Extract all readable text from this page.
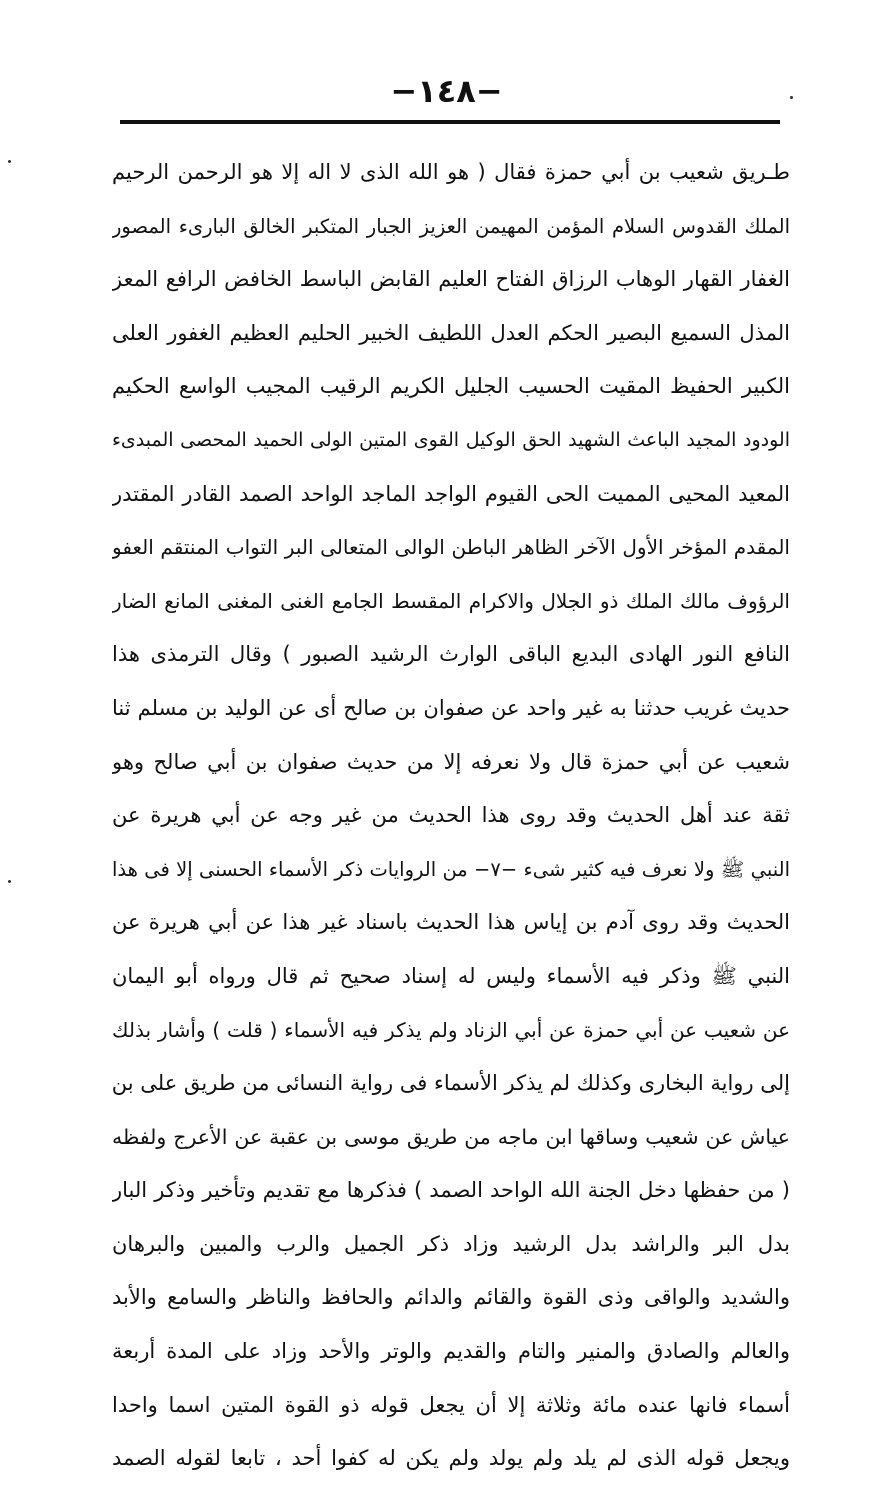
−١٤٨−
طـريق شعيب بن أبي حمزة فقال ( هو الله الذى لا اله إلا هو الرحمن الرحيم
الملك القدوس السلام المؤمن المهيمن العزيز الجبار المتكبر الخالق البارىء المصور
الغفار القهار الوهاب الرزاق الفتاح العليم القابض الباسط الخافض الرافع المعز
المذل السميع البصير الحكم العدل اللطيف الخبير الحليم العظيم الغفور العلى
الكبير الحفيظ المقيت الحسيب الجليل الكريم الرقيب المجيب الواسع الحكيم
الودود المجيد الباعث الشهيد الحق الوكيل القوى المتين الولى الحميد المحصى المبدىء
المعيد المحيى المميت الحى القيوم الواجد الماجد الواحد الصمد القادر المقتدر
المقدم المؤخر الأول الآخر الظاهر الباطن الوالى المتعالى البر التواب المنتقم العفو
الرؤوف مالك الملك ذو الجلال والاكرام المقسط الجامع الغنى المغنى المانع الضار
النافع النور الهادى البديع الباقى الوارث الرشيد الصبور ) وقال الترمذى هذا
حديث غريب حدثنا به غير واحد عن صفوان بن صالح أى عن الوليد بن مسلم ثنا
شعيب عن أبي حمزة قال ولا نعرفه إلا من حديث صفوان بن أبي صالح وهو
ثقة عند أهل الحديث وقد روى هذا الحديث من غير وجه عن أبي هريرة عن
النبي ﷺ ولا نعرف فيه كثير شىء −٧− من الروايات ذكر الأسماء الحسنى إلا فى هذا
الحديث وقد روى آدم بن إياس هذا الحديث باسناد غير هذا عن أبي هريرة عن
النبي ﷺ وذكر فيه الأسماء وليس له إسناد صحيح ثم قال ورواه أبو اليمان
عن شعيب عن أبي حمزة عن أبي الزناد ولم يذكر فيه الأسماء ( قلت ) وأشار بذلك
إلى رواية البخارى وكذلك لم يذكر الأسماء فى رواية النسائى من طريق على بن
عياش عن شعيب وساقها ابن ماجه من طريق موسى بن عقبة عن الأعرج ولفظه
( من حفظها دخل الجنة الله الواحد الصمد ) فذكرها مع تقديم وتأخير وذكر البار
بدل البر والراشد بدل الرشيد وزاد ذكر الجميل والرب والمبين والبرهان
والشديد والواقى وذى القوة والقائم والدائم والحافظ والناظر والسامع والأبد
والعالم والصادق والمنير والتام والقديم والوتر والأحد وزاد على المدة أربعة
أسماء فانها عنده مائة وثلاثة إلا أن يجعل قوله ذو القوة المتين اسما واحدا
ويجعل قوله الذى لم يلد ولم يولد ولم يكن له كفوا أحد ، تابعا لقوله الصمد
